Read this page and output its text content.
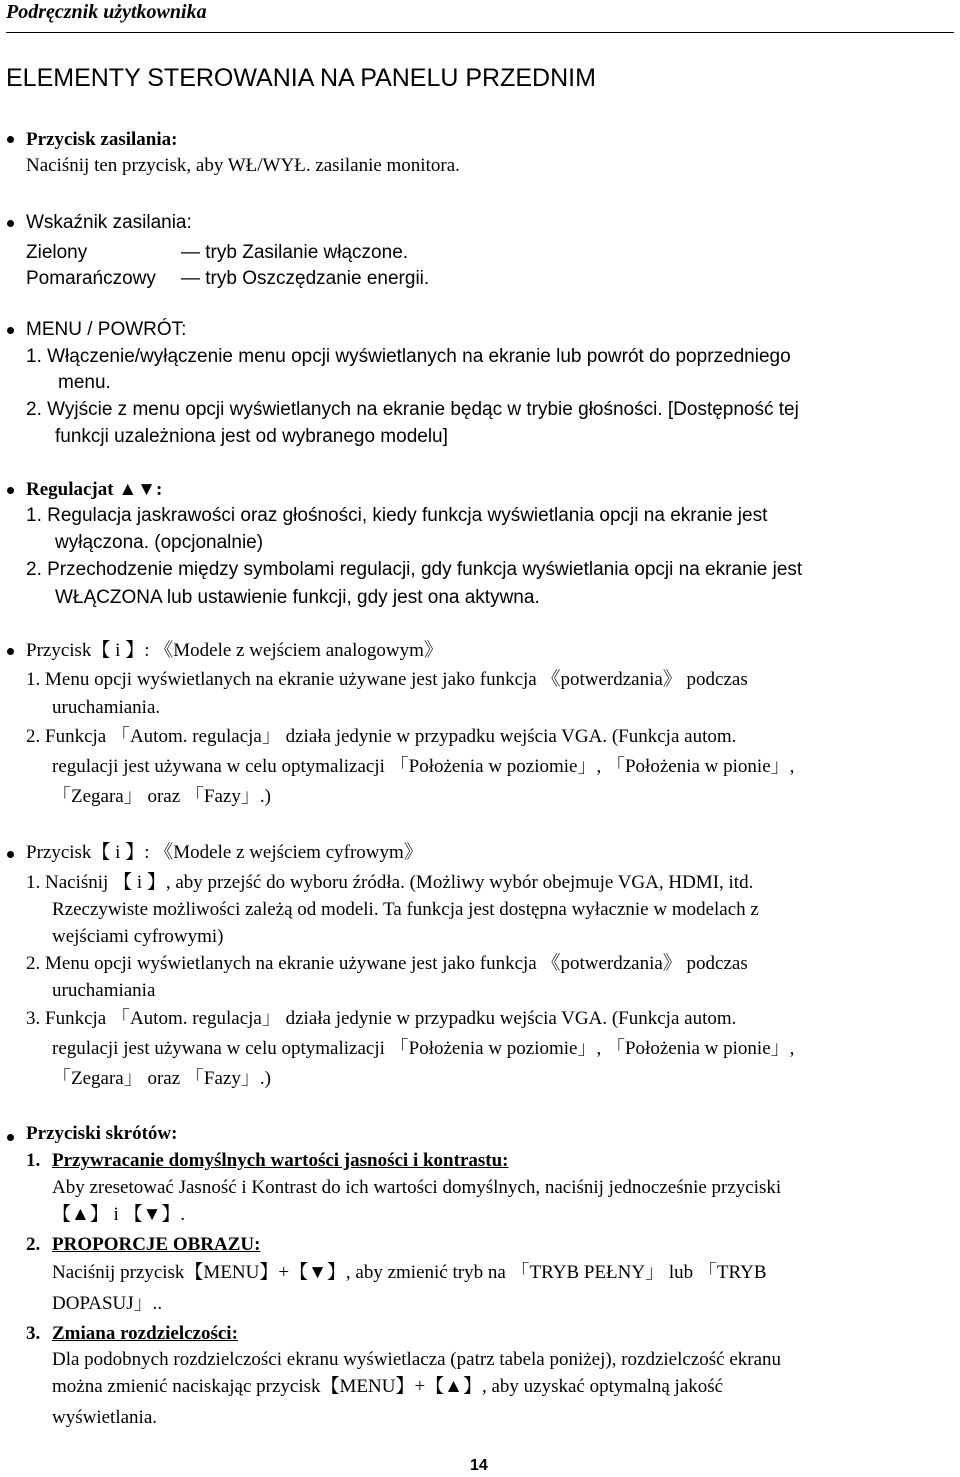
Podręcznik użytkownika
ELEMENTY STEROWANIA NA PANELU PRZEDNIM
Przycisk zasilania:
Naciśnij ten przycisk, aby WŁ/WYŁ. zasilanie monitora.
Wskaźnik zasilania:
Zielony	— tryb Zasilanie włączone.
Pomarańczowy — tryb Oszczędzanie energii.
MENU / POWRÓT:
1. Włączenie/wyłączenie menu opcji wyświetlanych na ekranie lub powrót do poprzedniego
menu.
2. Wyjście z menu opcji wyświetlanych na ekranie będąc w trybie głośności. [Dostępność tej
funkcji uzależniona jest od wybranego modelu]
Regulacjat ▲▼:
1. Regulacja jaskrawości oraz głośności, kiedy funkcja wyświetlania opcji na ekranie jest
wyłączona. (opcjonalnie)
2. Przechodzenie między symbolami regulacji, gdy funkcja wyświetlania opcji na ekranie jest
WŁĄCZONA lub ustawienie funkcji, gdy jest ona aktywna.
Przycisk【 i 】: 《Modele z wejściem analogowym》
1. Menu opcji wyświetlanych na ekranie używane jest jako funkcja 《potwerdzania》 podczas
uruchamiania.
2. Funkcja 「Autom. regulacja」 działa jedynie w przypadku wejścia VGA. (Funkcja autom.
regulacji jest używana w celu optymalizacji 「Położenia w poziomie」, 「Położenia w pionie」,
「Zegara」 oraz 「Fazy」.)
Przycisk【 i 】: 《Modele z wejściem cyfrowym》
1. Naciśnij 【 i 】, aby przejść do wyboru źródła. (Możliwy wybór obejmuje VGA, HDMI, itd.
Rzeczywiste możliwości zależą od modeli. Ta funkcja jest dostępna wyłacznie w modelach z
wejściami cyfrowymi)
2. Menu opcji wyświetlanych na ekranie używane jest jako funkcja 《potwerdzania》 podczas
uruchamiania
3. Funkcja 「Autom. regulacja」 działa jedynie w przypadku wejścia VGA. (Funkcja autom.
regulacji jest używana w celu optymalizacji 「Położenia w poziomie」, 「Położenia w pionie」,
「Zegara」 oraz 「Fazy」.)
Przyciski skrótów:
1. Przywracanie domyślnych wartości jasności i kontrastu:
Aby zresetować Jasność i Kontrast do ich wartości domyślnych, naciśnij jednocześnie przyciski
【▲】 i 【▼】.
2. PROPORCJE OBRAZU:
Naciśnij przycisk【MENU】+【▼】, aby zmienić tryb na 「TRYB PEŁNY」 lub 「TRYB
DOPASUJ」..
3. Zmiana rozdzielczości:
Dla podobnych rozdzielczości ekranu wyświetlacza (patrz tabela poniżej), rozdzielczość ekranu
można zmienić naciskając przycisk【MENU】+【▲】, aby uzyskać optymalną jakość
wyświetlania.
14
